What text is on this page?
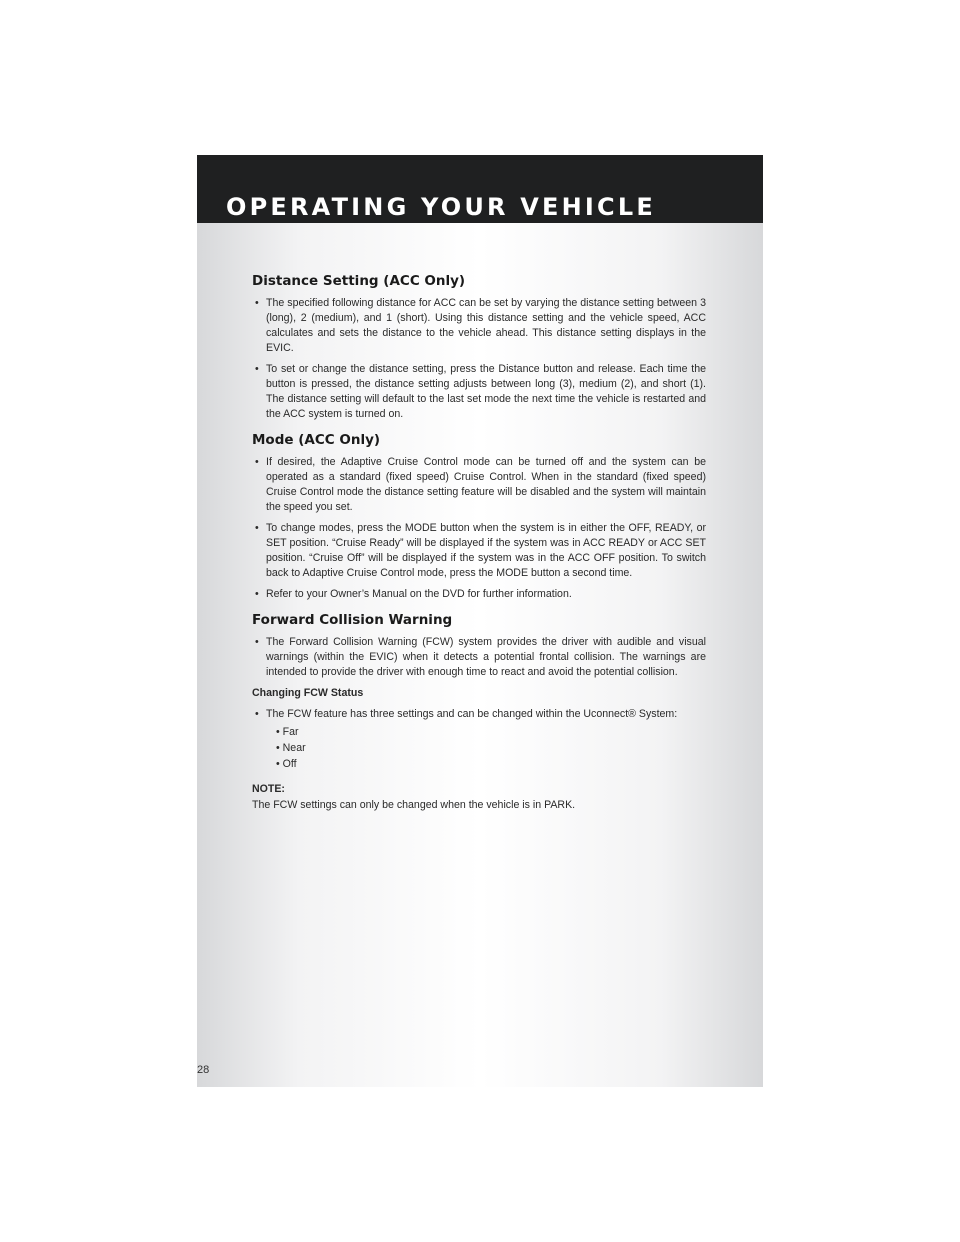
OPERATING YOUR VEHICLE
Distance Setting (ACC Only)
• The specified following distance for ACC can be set by varying the distance setting between 3 (long), 2 (medium), and 1 (short). Using this distance setting and the vehicle speed, ACC calculates and sets the distance to the vehicle ahead. This distance setting displays in the EVIC.
• To set or change the distance setting, press the Distance button and release. Each time the button is pressed, the distance setting adjusts between long (3), medium (2), and short (1). The distance setting will default to the last set mode the next time the vehicle is restarted and the ACC system is turned on.
Mode (ACC Only)
• If desired, the Adaptive Cruise Control mode can be turned off and the system can be operated as a standard (fixed speed) Cruise Control. When in the standard (fixed speed) Cruise Control mode the distance setting feature will be disabled and the system will maintain the speed you set.
• To change modes, press the MODE button when the system is in either the OFF, READY, or SET position. “Cruise Ready” will be displayed if the system was in ACC READY or ACC SET position. “Cruise Off” will be displayed if the system was in the ACC OFF position. To switch back to Adaptive Cruise Control mode, press the MODE button a second time.
• Refer to your Owner’s Manual on the DVD for further information.
Forward Collision Warning
• The Forward Collision Warning (FCW) system provides the driver with audible and visual warnings (within the EVIC) when it detects a potential frontal collision. The warnings are intended to provide the driver with enough time to react and avoid the potential collision.
Changing FCW Status
• The FCW feature has three settings and can be changed within the Uconnect® System:
• Far
• Near
• Off
NOTE:
The FCW settings can only be changed when the vehicle is in PARK.
28
